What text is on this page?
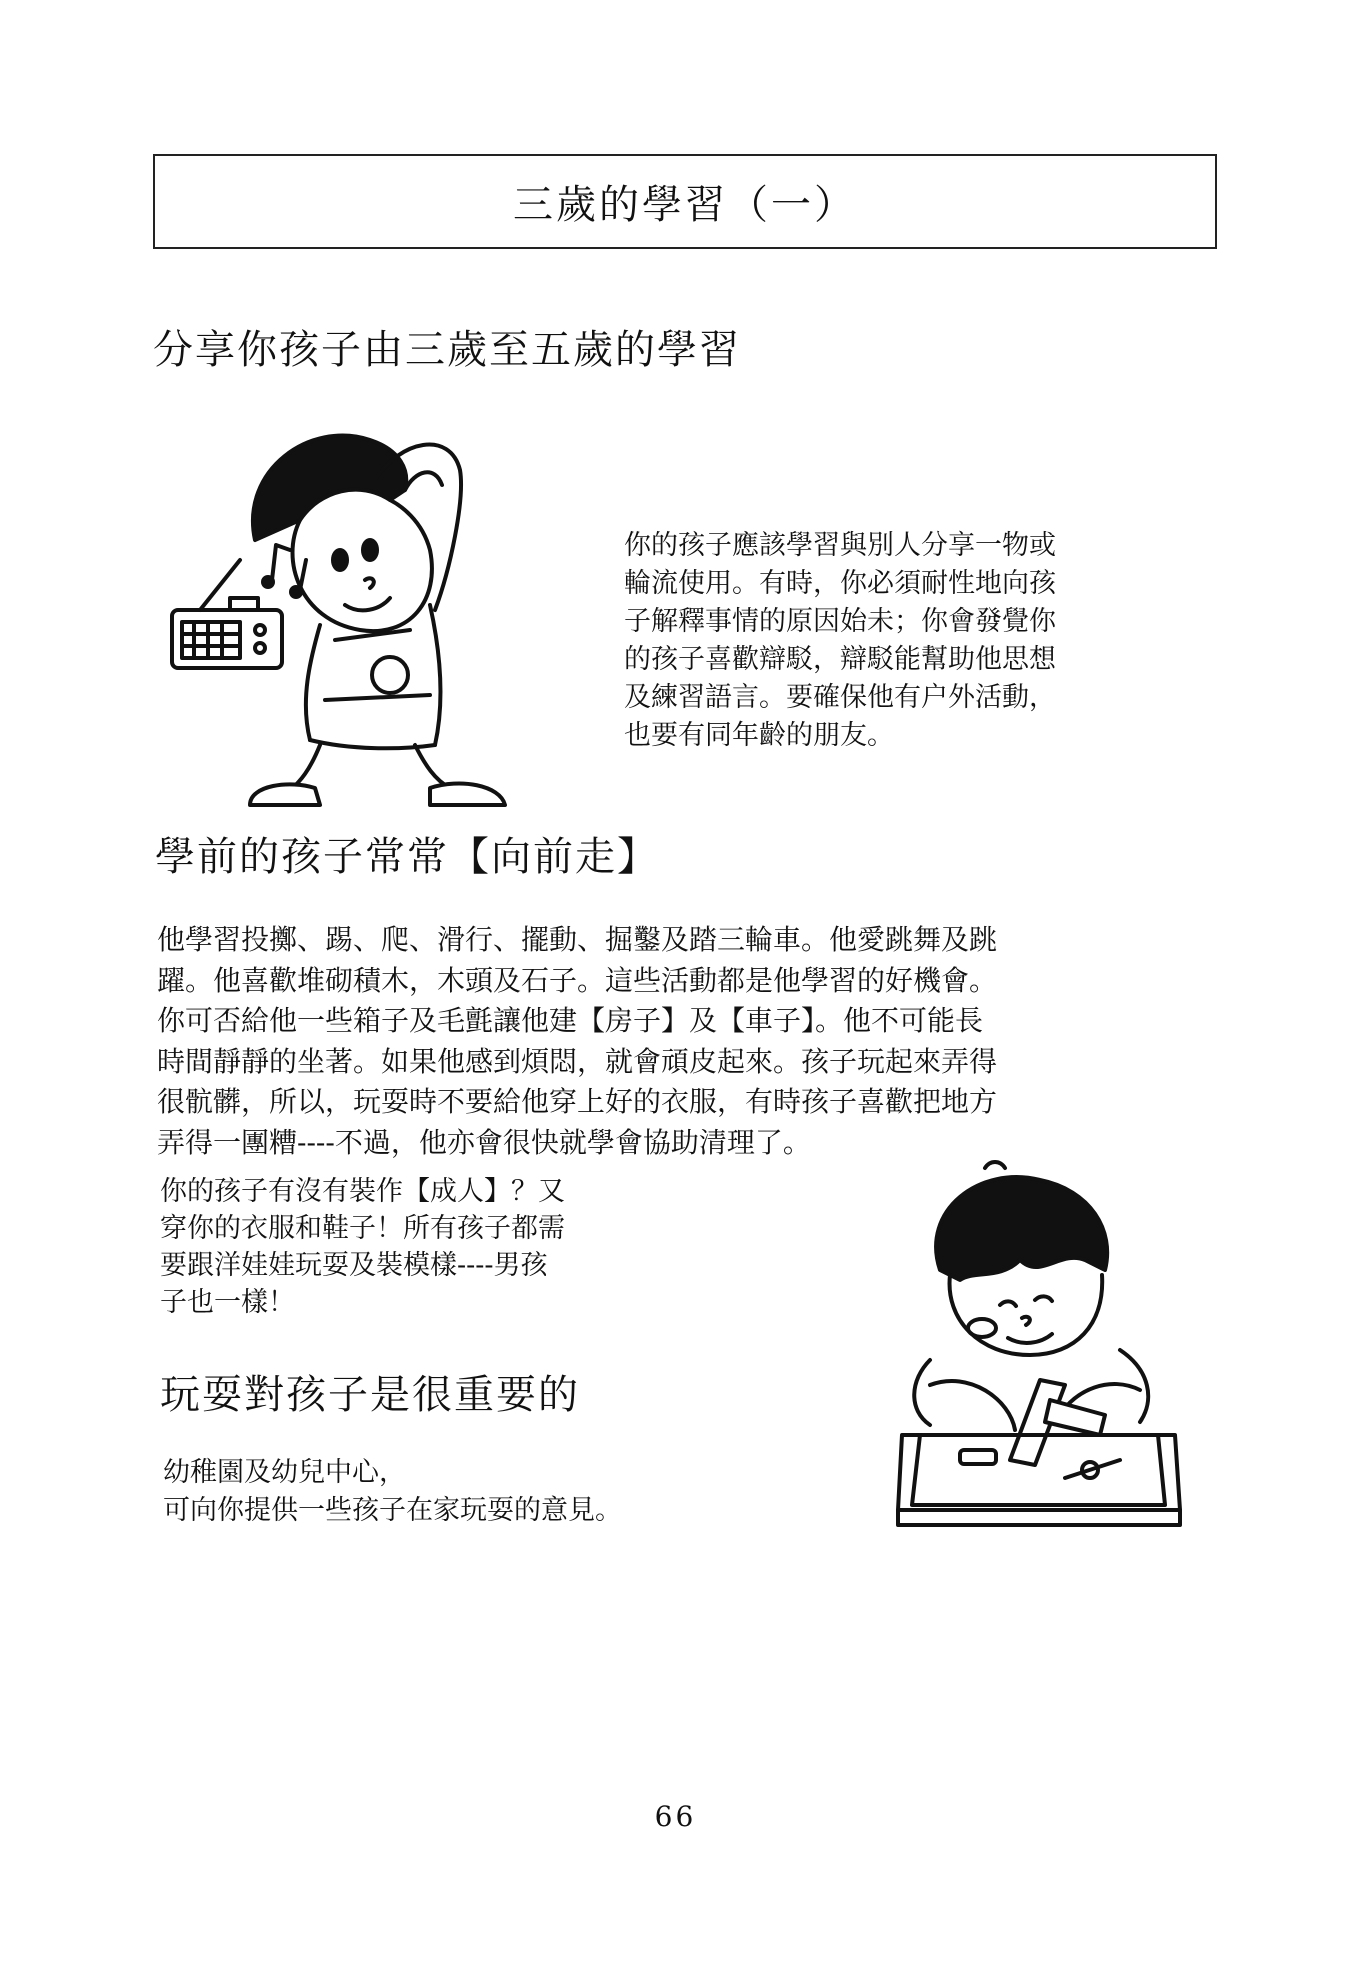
三歲的學習（一）
分享你孩子由三歲至五歲的學習
你的孩子應該學習與別人分享一物或
輪流使用。有時，你必須耐性地向孩
子解釋事情的原因始未；你會發覺你
的孩子喜歡辯駁，辯駁能幫助他思想
及練習語言。要確保他有户外活動，
也要有同年齡的朋友。
學前的孩子常常【向前走】
他學習投擲、踢、爬、滑行、擺動、掘鑿及踏三輪車。他愛跳舞及跳
躍。他喜歡堆砌積木，木頭及石子。這些活動都是他學習的好機會。
你可否給他一些箱子及毛氈讓他建【房子】及【車子】。他不可能長
時間靜靜的坐著。如果他感到煩悶，就會頑皮起來。孩子玩起來弄得
很骯髒，所以，玩耍時不要給他穿上好的衣服，有時孩子喜歡把地方
弄得一團糟----不過，他亦會很快就學會協助清理了。
你的孩子有沒有裝作【成人】？又
穿你的衣服和鞋子！所有孩子都需
要跟洋娃娃玩耍及裝模樣----男孩
子也一樣！
玩耍對孩子是很重要的
幼稚園及幼兒中心，
可向你提供一些孩子在家玩耍的意見。
66
